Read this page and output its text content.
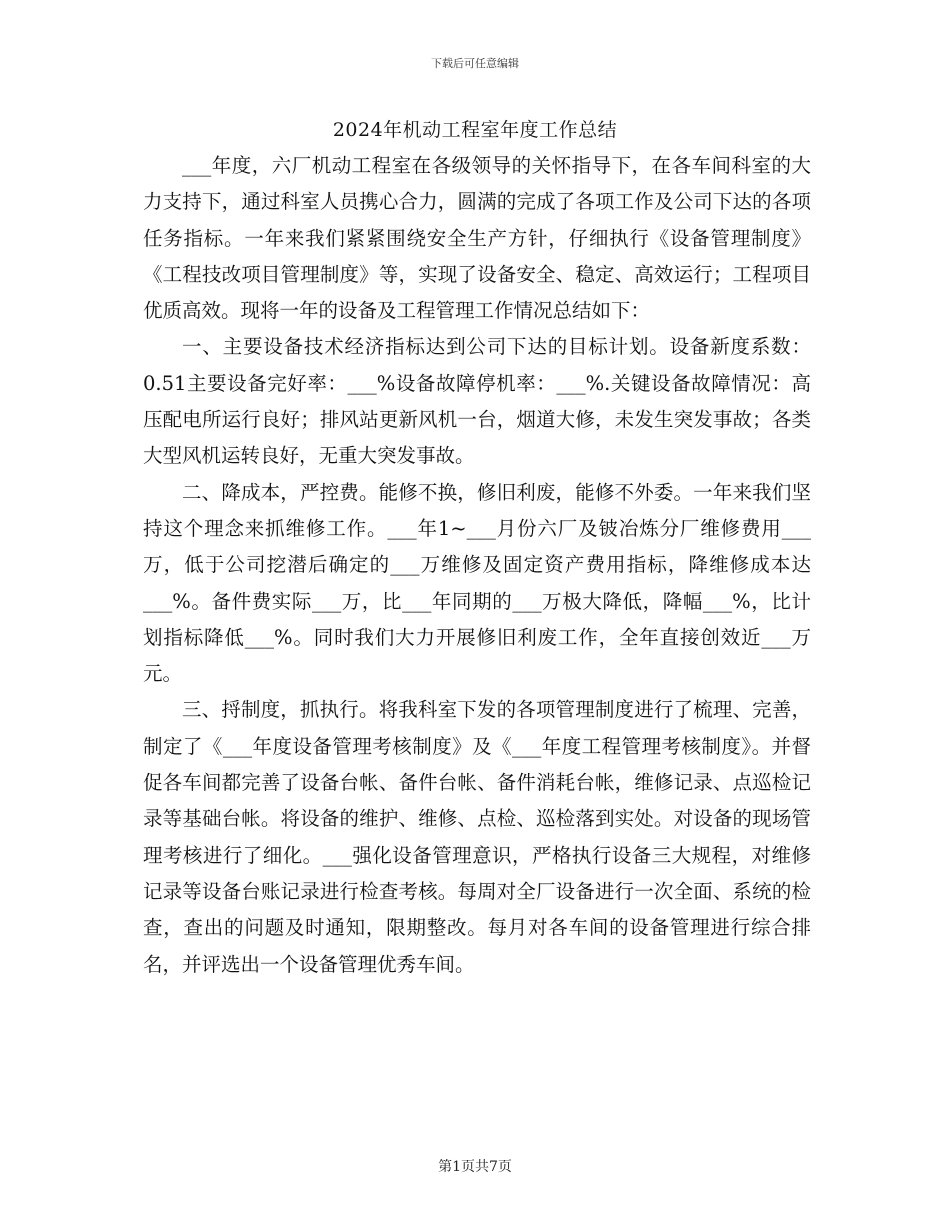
下载后可任意编辑
2024年机动工程室年度工作总结

___年度，六厂机动工程室在各级领导的关怀指导下，在各车间科室的大力支持下，通过科室人员携心合力，圆满的完成了各项工作及公司下达的各项任务指标。一年来我们紧紧围绕安全生产方针，仔细执行《设备管理制度》《工程技改项目管理制度》等，实现了设备安全、稳定、高效运行；工程项目优质高效。现将一年的设备及工程管理工作情况总结如下：

一、主要设备技术经济指标达到公司下达的目标计划。设备新度系数：0.51主要设备完好率：___%设备故障停机率：___%.关键设备故障情况：高压配电所运行良好；排风站更新风机一台，烟道大修，未发生突发事故；各类大型风机运转良好，无重大突发事故。

二、降成本，严控费。能修不换，修旧利废，能修不外委。一年来我们坚持这个理念来抓维修工作。___年1~___月份六厂及铍冶炼分厂维修费用___万，低于公司挖潜后确定的___万维修及固定资产费用指标，降维修成本达___%。备件费实际___万，比___年同期的___万极大降低，降幅___%，比计划指标降低___%。同时我们大力开展修旧利废工作，全年直接创效近___万元。

三、捋制度，抓执行。将我科室下发的各项管理制度进行了梳理、完善，制定了《___年度设备管理考核制度》及《___年度工程管理考核制度》。并督促各车间都完善了设备台帐、备件台帐、备件消耗台帐，维修记录、点巡检记录等基础台帐。将设备的维护、维修、点检、巡检落到实处。对设备的现场管理考核进行了细化。___强化设备管理意识，严格执行设备三大规程，对维修记录等设备台账记录进行检查考核。每周对全厂设备进行一次全面、系统的检查，查出的问题及时通知，限期整改。每月对各车间的设备管理进行综合排名，并评选出一个设备管理优秀车间。

第1页共7页
